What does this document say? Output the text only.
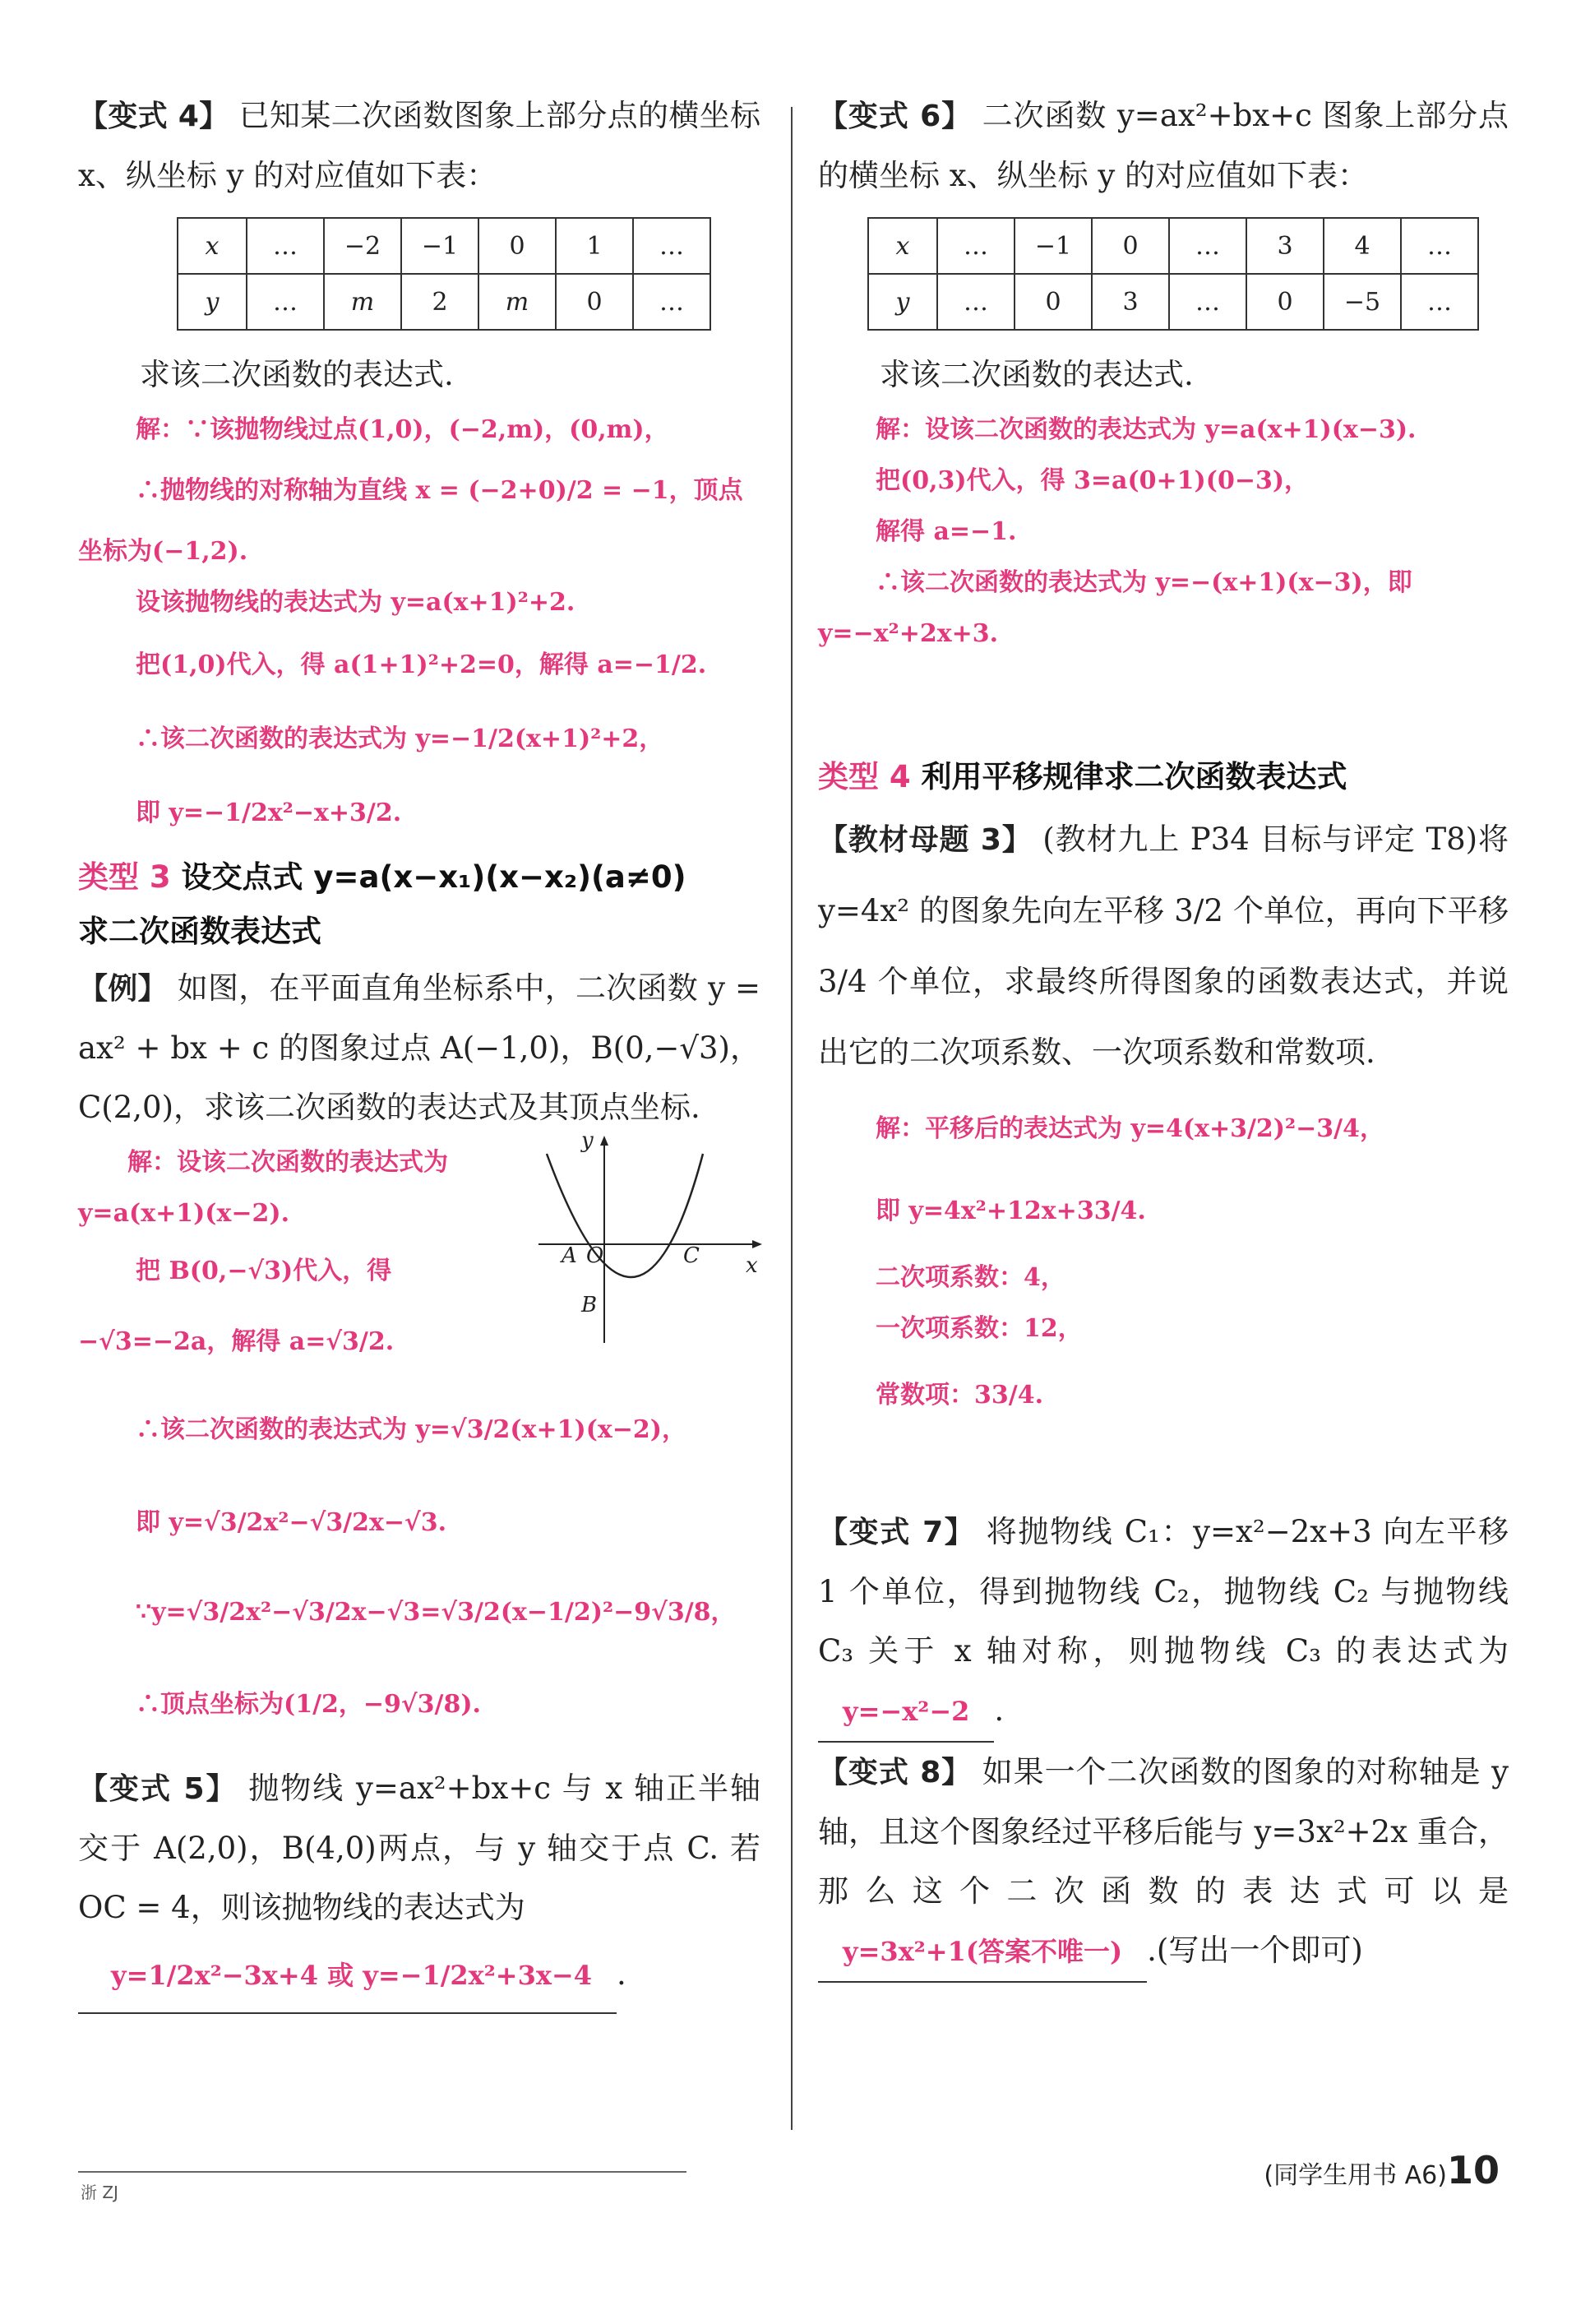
【变式 4】 已知某二次函数图象上部分点的横坐标 x、纵坐标 y 的对应值如下表：

x	…	−2	−1	0	1	…
y	…	m	2	m	0	…

求该二次函数的表达式.

解：∵该抛物线过点(1,0)，(−2,m)，(0,m)，

∴抛物线的对称轴为直线 x = (−2+0)/2 = −1，顶点

坐标为(−1,2).

设该抛物线的表达式为 y=a(x+1)²+2.

把(1,0)代入，得 a(1+1)²+2=0，解得 a=−1/2.

∴该二次函数的表达式为 y=−1/2(x+1)²+2，

即 y=−1/2x²−x+3/2.

类型 3 设交点式 y=a(x−x₁)(x−x₂)(a≠0)

求二次函数表达式

【例】 如图，在平面直角坐标系中，二次函数 y = ax² + bx + c 的图象过点 A(−1,0)，B(0,−√3)，C(2,0)，求该二次函数的表达式及其顶点坐标.

解：设该二次函数的表达式为

y=a(x+1)(x−2).

把 B(0,−√3)代入，得

−√3=−2a，解得 a=√3/2.

∴该二次函数的表达式为 y=√3/2(x+1)(x−2)，

即 y=√3/2x²−√3/2x−√3.

∵y=√3/2x²−√3/2x−√3=√3/2(x−1/2)²−9√3/8，

∴顶点坐标为(1/2，−9√3/8).

y
x
A O	C
B

【变式 5】 抛物线 y=ax²+bx+c 与 x 轴正半轴交于 A(2,0)，B(4,0)两点，与 y 轴交于点 C. 若 OC = 4，则该抛物线的表达式为

y=1/2x²−3x+4 或 y=−1/2x²+3x−4 .

【变式 6】 二次函数 y=ax²+bx+c 图象上部分点的横坐标 x、纵坐标 y 的对应值如下表：

x	…	−1	0	…	3	4	…
y	…	0	3	…	0	−5	…

求该二次函数的表达式.

解：设该二次函数的表达式为 y=a(x+1)(x−3).

把(0,3)代入，得 3=a(0+1)(0−3)，

解得 a=−1.

∴该二次函数的表达式为 y=−(x+1)(x−3)，即

y=−x²+2x+3.

类型 4 利用平移规律求二次函数表达式

【教材母题 3】 (教材九上 P34 目标与评定 T8)将 y=4x² 的图象先向左平移 3/2 个单位，再向下平移 3/4 个单位，求最终所得图象的函数表达式，并说出它的二次项系数、一次项系数和常数项.

解：平移后的表达式为 y=4(x+3/2)²−3/4，

即 y=4x²+12x+33/4.

二次项系数：4，

一次项系数：12，

常数项：33/4.

【变式 7】 将抛物线 C₁：y=x²−2x+3 向左平移 1 个单位，得到抛物线 C₂，抛物线 C₂ 与抛物线 C₃ 关于 x 轴对称，则抛物线 C₃ 的表达式为 y=−x²−2 .

【变式 8】 如果一个二次函数的图象的对称轴是 y 轴，且这个图象经过平移后能与 y=3x²+2x 重合，那么这个二次函数的表达式可以是 y=3x²+1(答案不唯一) .(写出一个即可)

浙 ZJ
(同学生用书 A6)10
